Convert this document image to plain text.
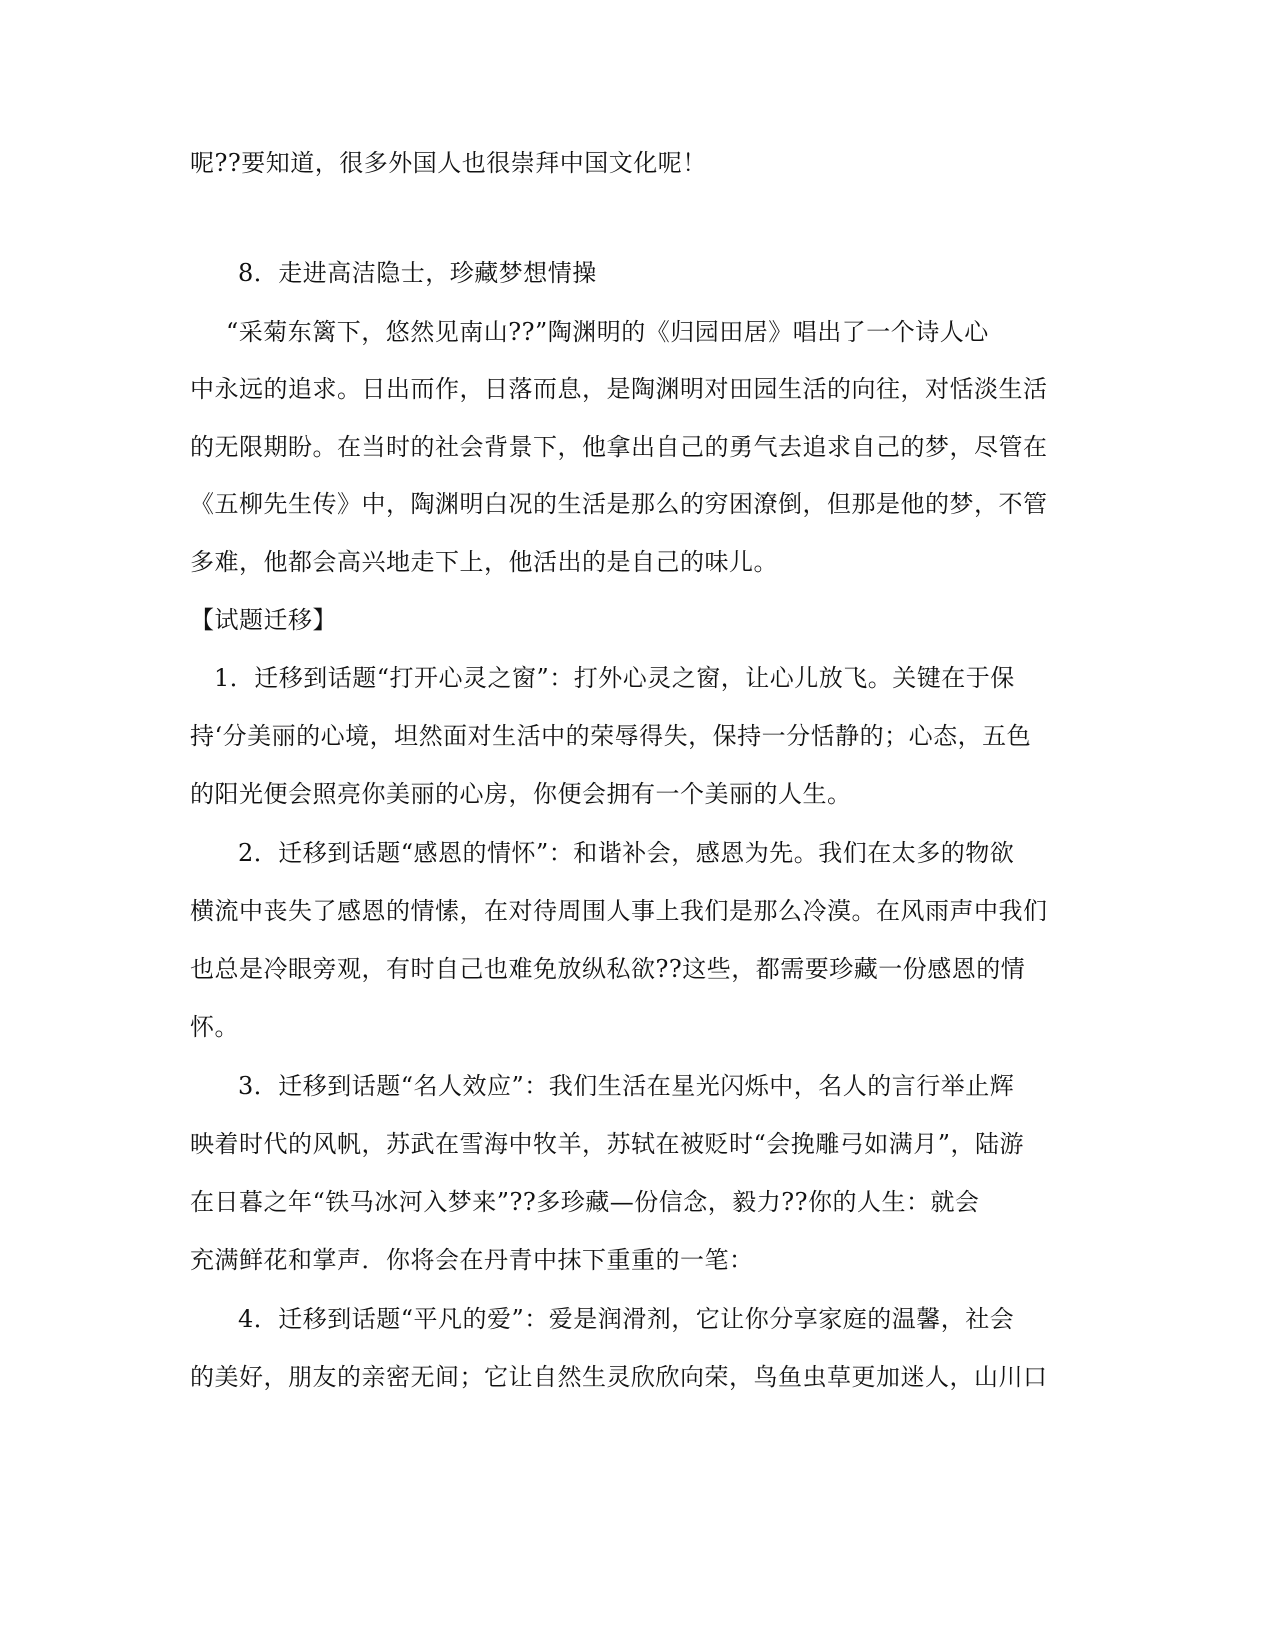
呢??要知道，很多外国人也很崇拜中国文化呢！
8．走进高洁隐士，珍藏梦想情操
“采菊东篱下，悠然见南山??”陶渊明的《归园田居》唱出了一个诗人心
中永远的追求。日出而作，日落而息，是陶渊明对田园生活的向往，对恬淡生活
的无限期盼。在当时的社会背景下，他拿出自己的勇气去追求自己的梦，尽管在
《五柳先生传》中，陶渊明白况的生活是那么的穷困潦倒，但那是他的梦，不管
多难，他都会高兴地走下上，他活出的是自己的味儿。
【试题迁移】
1．迁移到话题“打开心灵之窗”：打外心灵之窗，让心儿放飞。关键在于保
持‘分美丽的心境，坦然面对生活中的荣辱得失，保持一分恬静的；心态，五色
的阳光便会照亮你美丽的心房，你便会拥有一个美丽的人生。
2．迁移到话题“感恩的情怀”：和谐补会，感恩为先。我们在太多的物欲
横流中丧失了感恩的情愫，在对待周围人事上我们是那么冷漠。在风雨声中我们
也总是冷眼旁观，有时自己也难免放纵私欲??这些，都需要珍藏一份感恩的情
怀。
3．迁移到话题“名人效应”：我们生活在星光闪烁中，名人的言行举止辉
映着时代的风帆，苏武在雪海中牧羊，苏轼在被贬时“会挽雕弓如满月”，陆游
在日暮之年“铁马冰河入梦来”??多珍藏—份信念，毅力??你的人生：就会
充满鲜花和掌声．你将会在丹青中抹下重重的一笔：
4．迁移到话题“平凡的爱”：爱是润滑剂，它让你分享家庭的温馨，社会
的美好，朋友的亲密无间；它让自然生灵欣欣向荣，鸟鱼虫草更加迷人，山川口
